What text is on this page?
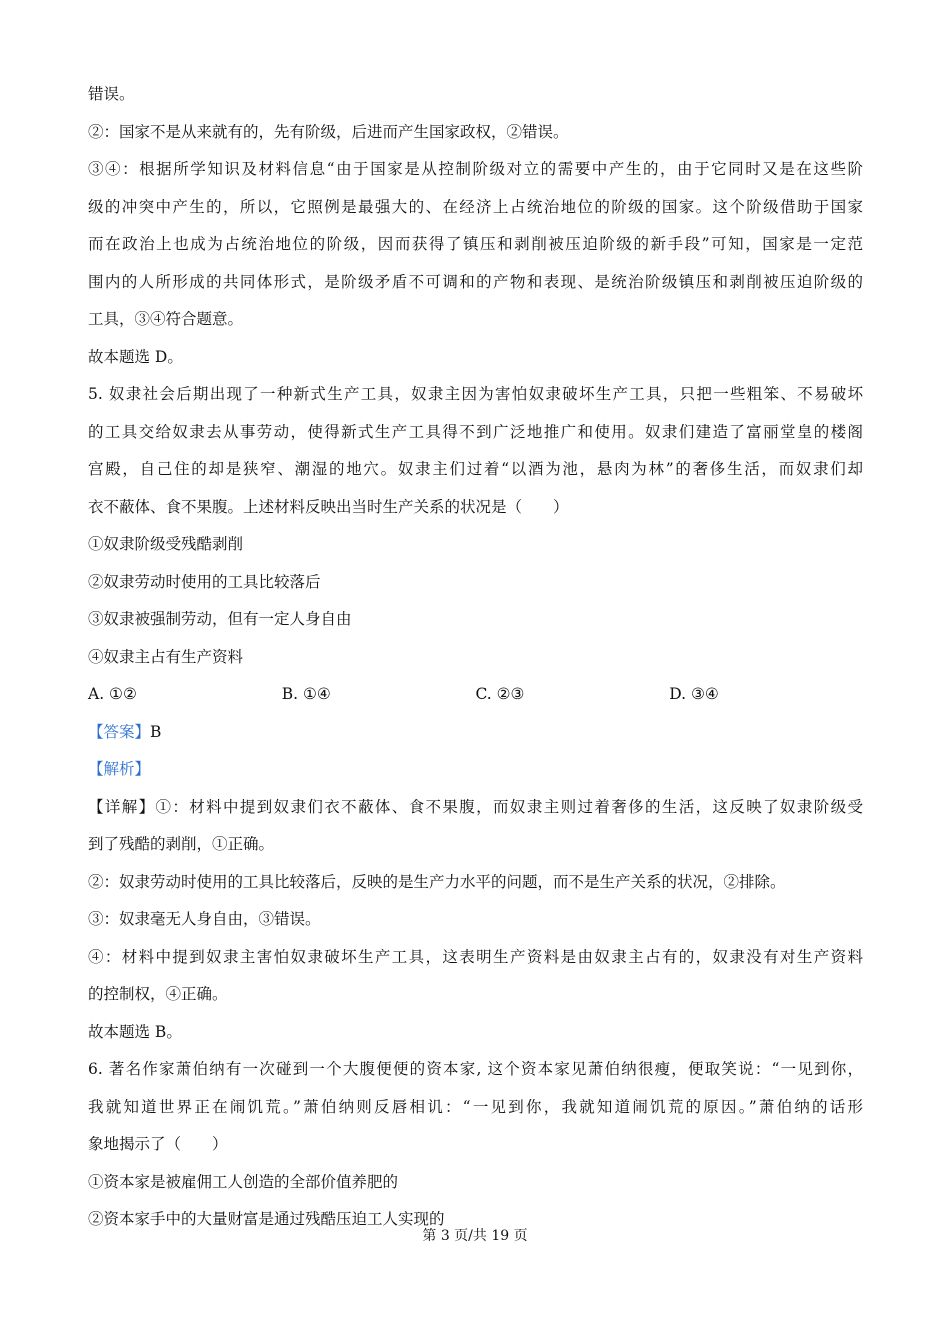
错误。
②：国家不是从来就有的，先有阶级，后进而产生国家政权，②错误。
③④：根据所学知识及材料信息“由于国家是从控制阶级对立的需要中产生的，由于它同时又是在这些阶
级的冲突中产生的，所以，它照例是最强大的、在经济上占统治地位的阶级的国家。这个阶级借助于国家
而在政治上也成为占统治地位的阶级，因而获得了镇压和剥削被压迫阶级的新手段”可知，国家是一定范
围内的人所形成的共同体形式，是阶级矛盾不可调和的产物和表现、是统治阶级镇压和剥削被压迫阶级的
工具，③④符合题意。
故本题选 D。
5. 奴隶社会后期出现了一种新式生产工具，奴隶主因为害怕奴隶破坏生产工具，只把一些粗笨、不易破坏
的工具交给奴隶去从事劳动，使得新式生产工具得不到广泛地推广和使用。奴隶们建造了富丽堂皇的楼阁
宫殿，自己住的却是狭窄、潮湿的地穴。奴隶主们过着“以酒为池，悬肉为林”的奢侈生活，而奴隶们却
衣不蔽体、食不果腹。上述材料反映出当时生产关系的状况是（　　）
①奴隶阶级受残酷剥削
②奴隶劳动时使用的工具比较落后
③奴隶被强制劳动，但有一定人身自由
④奴隶主占有生产资料
A. ①②	B. ①④	C. ②③	D. ③④
【答案】B
【解析】
【详解】①：材料中提到奴隶们衣不蔽体、食不果腹，而奴隶主则过着奢侈的生活，这反映了奴隶阶级受
到了残酷的剥削，①正确。
②：奴隶劳动时使用的工具比较落后，反映的是生产力水平的问题，而不是生产关系的状况，②排除。
③：奴隶毫无人身自由，③错误。
④：材料中提到奴隶主害怕奴隶破坏生产工具，这表明生产资料是由奴隶主占有的，奴隶没有对生产资料
的控制权，④正确。
故本题选 B。
6. 著名作家萧伯纳有一次碰到一个大腹便便的资本家, 这个资本家见萧伯纳很瘦，便取笑说：“一见到你，
我就知道世界正在闹饥荒。”萧伯纳则反唇相讥：“一见到你，我就知道闹饥荒的原因。”萧伯纳的话形
象地揭示了（　　）
①资本家是被雇佣工人创造的全部价值养肥的
②资本家手中的大量财富是通过残酷压迫工人实现的
第 3 页/共 19 页
